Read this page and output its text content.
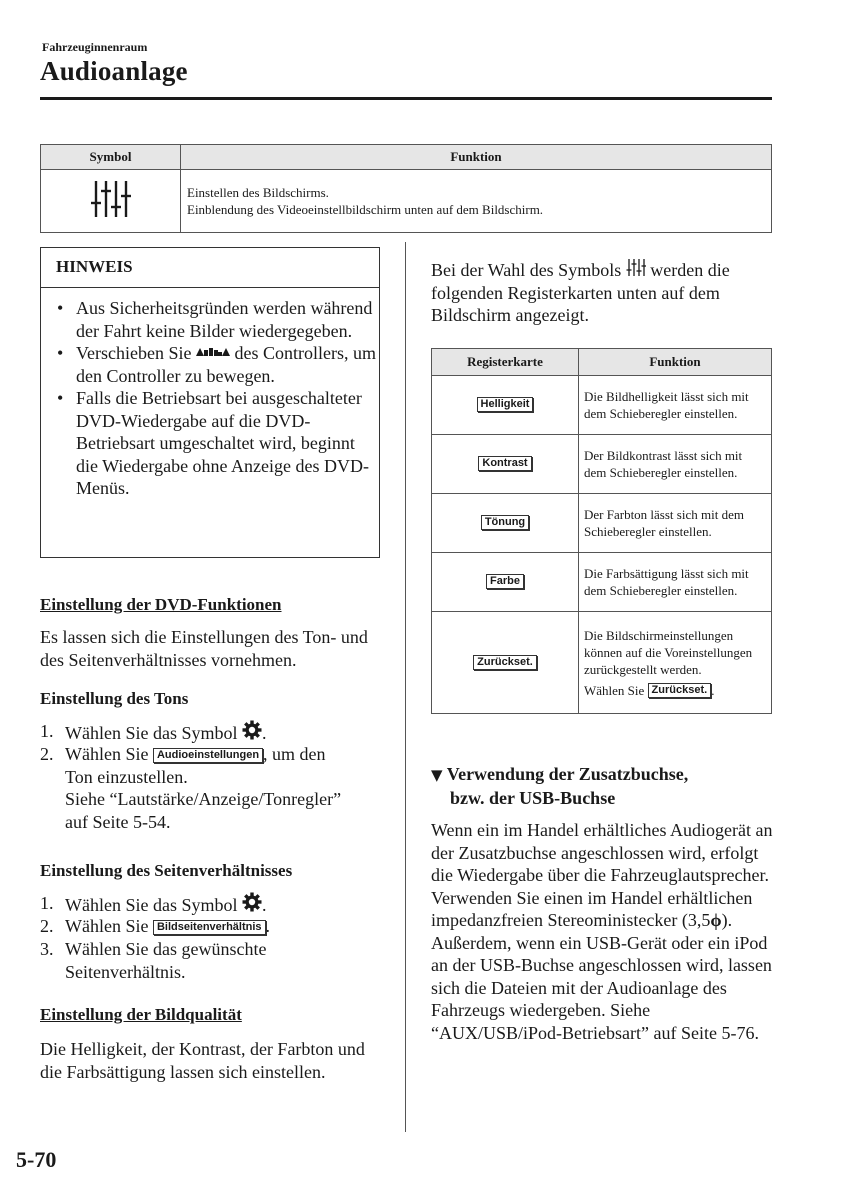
Fahrzeuginnenraum
Audioanlage
Symbol	Funktion

Einstellen des Bildschirms.
Einblendung des Videoeinstellbildschirm unten auf dem Bildschirm.
HINWEIS
• Aus Sicherheitsgründen werden während der Fahrt keine Bilder wiedergegeben.
• Verschieben Sie des Controllers, um den Controller zu bewegen.
• Falls die Betriebsart bei ausgeschalteter DVD-Wiedergabe auf die DVD-Betriebsart umgeschaltet wird, beginnt die Wiedergabe ohne Anzeige des DVD-Menüs.
Einstellung der DVD-Funktionen
Es lassen sich die Einstellungen des Ton- und des Seitenverhältnisses vornehmen.
Einstellung des Tons
1. Wählen Sie das Symbol .
2. Wählen Sie Audioeinstellungen , um den
Ton einzustellen.
Siehe “Lautstärke/Anzeige/Tonregler”
auf Seite 5-54.
Einstellung des Seitenverhältnisses
1. Wählen Sie das Symbol .
2. Wählen Sie Bildseitenverhältnis .
3. Wählen Sie das gewünschte
Seitenverhältnis.
Einstellung der Bildqualität
Die Helligkeit, der Kontrast, der Farbton und die Farbsättigung lassen sich einstellen.
Bei der Wahl des Symbols werden die
folgenden Registerkarten unten auf dem
Bildschirm angezeigt.
Registerkarte	Funktion
Helligkeit	Die Bildhelligkeit lässt sich mit dem Schieberegler einstellen.
Kontrast	Der Bildkontrast lässt sich mit dem Schieberegler einstellen.
Tönung	Der Farbton lässt sich mit dem Schieberegler einstellen.
Farbe	Die Farbsättigung lässt sich mit dem Schieberegler einstellen.
Zurückset.	Die Bildschirmeinstellungen können auf die Voreinstellungen zurückgestellt werden.
Wählen Sie Zurückset. .
▼ Verwendung der Zusatzbuchse,
bzw. der USB-Buchse
Wenn ein im Handel erhältliches Audiogerät an der Zusatzbuchse angeschlossen wird, erfolgt die Wiedergabe über die Fahrzeuglautsprecher. Verwenden Sie einen im Handel erhältlichen impedanzfreien Stereoministecker (3,5ϕ).
Außerdem, wenn ein USB-Gerät oder ein iPod an der USB-Buchse angeschlossen wird, lassen sich die Dateien mit der Audioanlage des Fahrzeugs wiedergeben. Siehe “AUX/USB/iPod-Betriebsart” auf Seite 5-76.
5-70
